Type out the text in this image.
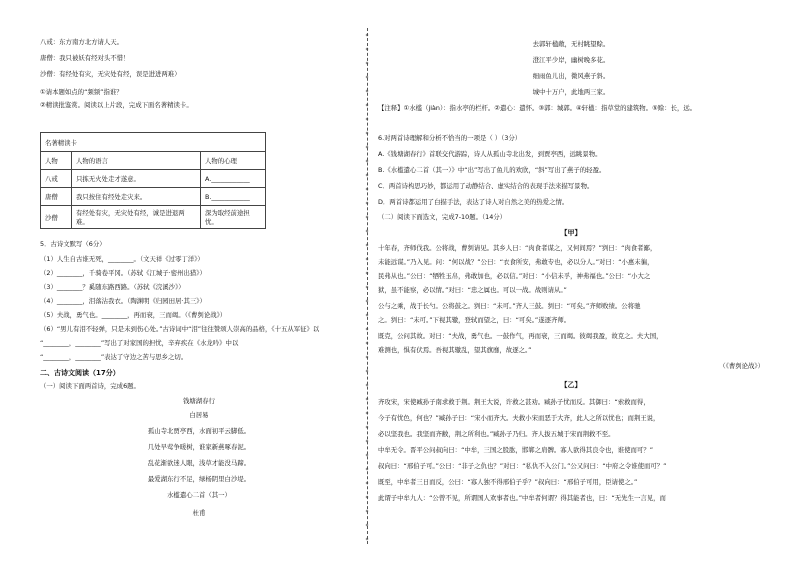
八戒：东方南方北方请人天。
唐僧：我只被妖有经对头不惜！
沙僧：有经处有灾，无灾处有经，误是进进两难）
①请本题如点的“频频”指谁？
②精读批鉴赏。阅读以上片段，完成下面名著精读卡。
名著精读卡		
人物	人物的语言	人物的心理
八戒	只拣无火处走才遂意。	A.____________
唐僧	我只按住有经处走灾来。	B.____________
沙僧	有经处有灾，无灾处有经，诚是进退两难。	深为取经前途担忧。
5．古诗文默写（6分）
（1）人生自古谁无死，________。（文天祥《过零丁洋》）
（2）________，千骑卷平冈。（苏轼《江城子·密州出猎》）
（3）________？奚随东路西路。（苏轼《浣溪沙》）
（4）________，泪落沾我衣。（陶渊明《归园田居·其三》）
（5）夫战，勇气也。________，再而衰，三而竭。（《曹刿论战》）
（6）“男儿有泪不轻弹，只是未到伤心处。”古诗词中“泪”往往赞颂人崇高的品格，《十五从军征》以
“________，________”写出了对家国的担忧，辛弃疾在《水龙吟》中以
“________，________”表达了守边之苦与思乡之切。
二、古诗文阅读（17分）
（一）阅读下面两首诗，完成6题。
钱塘湖春行
白居易
孤山寺北贾亭西，水面初平云脚低。
几处早莺争暖树，谁家新燕啄春泥。
乱花渐欲迷人眼，浅草才能没马蹄。
最爱湖东行不足，绿杨阴里白沙堤。
水槛遣心二首（其一）
杜甫
去郭轩楹敞，无村眺望赊。
澄江平少岸，幽树晚多花。
细雨鱼儿出，微风燕子斜。
城中十万户，此地两三家。
【注释】①水槛（jiàn）：指水亭的栏杆。②遣心：遣怀。③郭：城郭。④轩楹：指草堂的建筑物。⑤赊：长，远。
6.对两首诗理解和分析不恰当的一项是（ ）（3分）
A.《钱塘湖春行》首联交代游踪，诗人从孤山寺北出发，到贾亭西，远眺景物。
B.《水槛遣心二首（其一）》中“出”写出了鱼儿的欢欣，“斜”写出了燕子的轻盈。
C．两首诗构思巧妙，都运用了动静结合、虚实结合的表现手法来描写景物。
D．两首诗都运用了白描手法，表达了诗人对自然之美的热爱之情。
（二）阅读下面选文，完成7-10题。（14分）
【甲】
十年春，齐师伐我。公将战，曹刿请见。其乡人曰：“肉食者谋之，又何间焉？”刿曰：“肉食者鄙，
未能远谋。”乃入见。问：“何以战？”公曰：“衣食所安，弗敢专也，必以分人。”对曰：“小惠未徧，
民弗从也。”公曰：“牺牲玉帛，弗敢加也，必以信。”对曰：“小信未孚，神弗福也。”公曰：“小大之
狱，虽不能察，必以情。”对曰：“忠之属也。可以一战。战则请从。”
公与之乘，战于长勺。公将鼓之。刿曰：“未可。”齐人三鼓。刿曰：“可矣。”齐师败绩。公将驰
之。刿曰：“未可。”下视其辙，登轼而望之，曰：“可矣。”遂逐齐师。
既克，公问其故。对曰：“夫战，勇气也。一鼓作气，再而衰，三而竭。彼竭我盈，故克之。夫大国，
难测也，惧有伏焉。吾视其辙乱，望其旗靡，故逐之。”
（《曹刿论战》）
【乙】
齐攻宋，宋使臧孙子南求救于荆。荆王大说，许救之甚劝。臧孙子忧而反。其御曰：“索救而得，
今子有忧色，何也？”臧孙子曰：“宋小而齐大。夫救小宋而恶于大齐，此人之所以忧也；而荆王说，
必以坚我也。我坚而齐敝，荆之所利也。”臧孙子乃归。齐人拔五城于宋而荆救不至。
中牟无令。晋平公问叔向曰：“中牟，三国之股肱，邯郸之肩髀。寡人欲得其良令也，谁使而可？”
叔向曰：“邢伯子可。”公曰：“非子之仇也？”对曰：“私仇不入公门。”公又问曰：“中府之令谁使而可？”
既至，中牟者三日而反，公曰：“寡人独不得邢伯子乎？”叔向曰：“邢伯子可用，臣请使之。”
此谓子中牟九人：“公曾不见，所谓国人欢事者也。”中牟者何谓？得其能者也，曰：“无先生一言见，而
